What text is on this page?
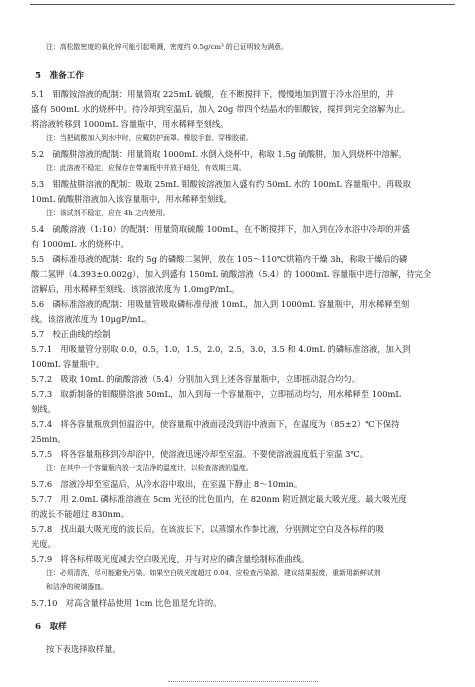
注：高松散密度的氧化锌可能引起喷溅，密度约 0.5g/cm³ 的已证明较为满意。
5　准备工作
5.1　钼酸铵溶液的配制：用量筒取 225mL 硫酸，在不断搅拌下，慢慢地加到置于冷水浴里的，并
盛有 500mL 水的烧杯中。待冷却到室温后，加入 20g 带四个结晶水的钼酸铵，搅拌到完全溶解为止。
将溶液转移到 1000mL 容量瓶中，用水稀释至刻线。
注：当把硫酸加入到水中时，应戴防护面罩、橡胶手套、穿橡胶裙。
5.2　硫酸肼溶液的配制：用量筒取 1000mL 水倒入烧杯中，称取 1.5g 硫酸肼，加入到烧杯中溶解。
注：此溶液不稳定，应保存在带塞瓶中并放于暗处，有效期三周。
5.3　钼酸盐肼溶液的配制：吸取 25mL 钼酸铵溶液加入盛有约 50mL 水的 100mL 容量瓶中。再吸取
10mL 硫酸肼溶液加入该容量瓶中，用水稀释至刻线。
注：该试剂不稳定，应在 4h 之内使用。
5.4　硫酸溶液（1:10）的配制：用量筒取硫酸 100mL，在不断搅拌下，加入到在冷水浴中冷却的并盛
有 1000mL 水的烧杯中。
5.5　磷标准母液的配制：取约 5g 的磷酸二氢钾，放在 105～110℃烘箱内干燥 3h，称取干燥后的磷
酸二氢钾（4.393±0.002g），加入到盛有 150mL 硫酸溶液（5.4）的 1000mL 容量瓶中进行溶解，待完全
溶解后，用水稀释至刻线。该溶液浓度为 1.0mgP/mL。
5.6　磷标准溶液的配制：用吸量管吸取磷标准母液 10mL，加入到 1000mL 容量瓶中，用水稀释至刻
线。该溶液浓度为 10μgP/mL。
5.7　校正曲线的绘制
5.7.1　用吸量管分别取 0.0，0.5，1.0，1.5，2.0，2.5，3.0，3.5 和 4.0mL 的磷标准溶液，加入到
100mL 容量瓶中。
5.7.2　吸取 10mL 的硫酸溶液（5.4）分别加入到上述各容量瓶中，立即摇动混合均匀。
5.7.3　取新制备的钼酸肼溶液 50mL，加入到每一个容量瓶中，立即摇动均匀，用水稀释至 100mL
刻线。
5.7.4　将各容量瓶放到恒温浴中，使容量瓶中液面浸没到浴中液面下，在温度为（85±2）℃下保持
25min。
5.7.5　将各容量瓶移到冷却浴中，使溶液迅速冷却至室温。不要使溶液温度低于室温 3℃。
注：在其中一个容量瓶内放一支洁净的温度计，以检查溶液的温度。
5.7.6　溶液冷却至室温后，从冷水浴中取出，在室温下静止 8～10min。
5.7.7　用 2.0mL 磷标准溶液在 5cm 光径的比色皿内，在 820nm 附近测定最大吸光度。最大吸光度
的波长不能超过 830nm。
5.7.8　找出最大吸光度的波长后，在该波长下，以蒸馏水作参比液，分别测定空白及各标样的吸
光度。
5.7.9　将各标样吸光度减去空白吸光度，并与对应的磷含量绘制标准曲线。
注：必须清洗，尽可能避免污染。如果空白吸光度超过 0.04，应检查污染源，建议结果报废，重新用新鲜试剂
和洁净的玻璃器皿。
5.7.10　对高含量样品使用 1cm 比色皿是允许的。
6　取样
按下表选择取样量。
